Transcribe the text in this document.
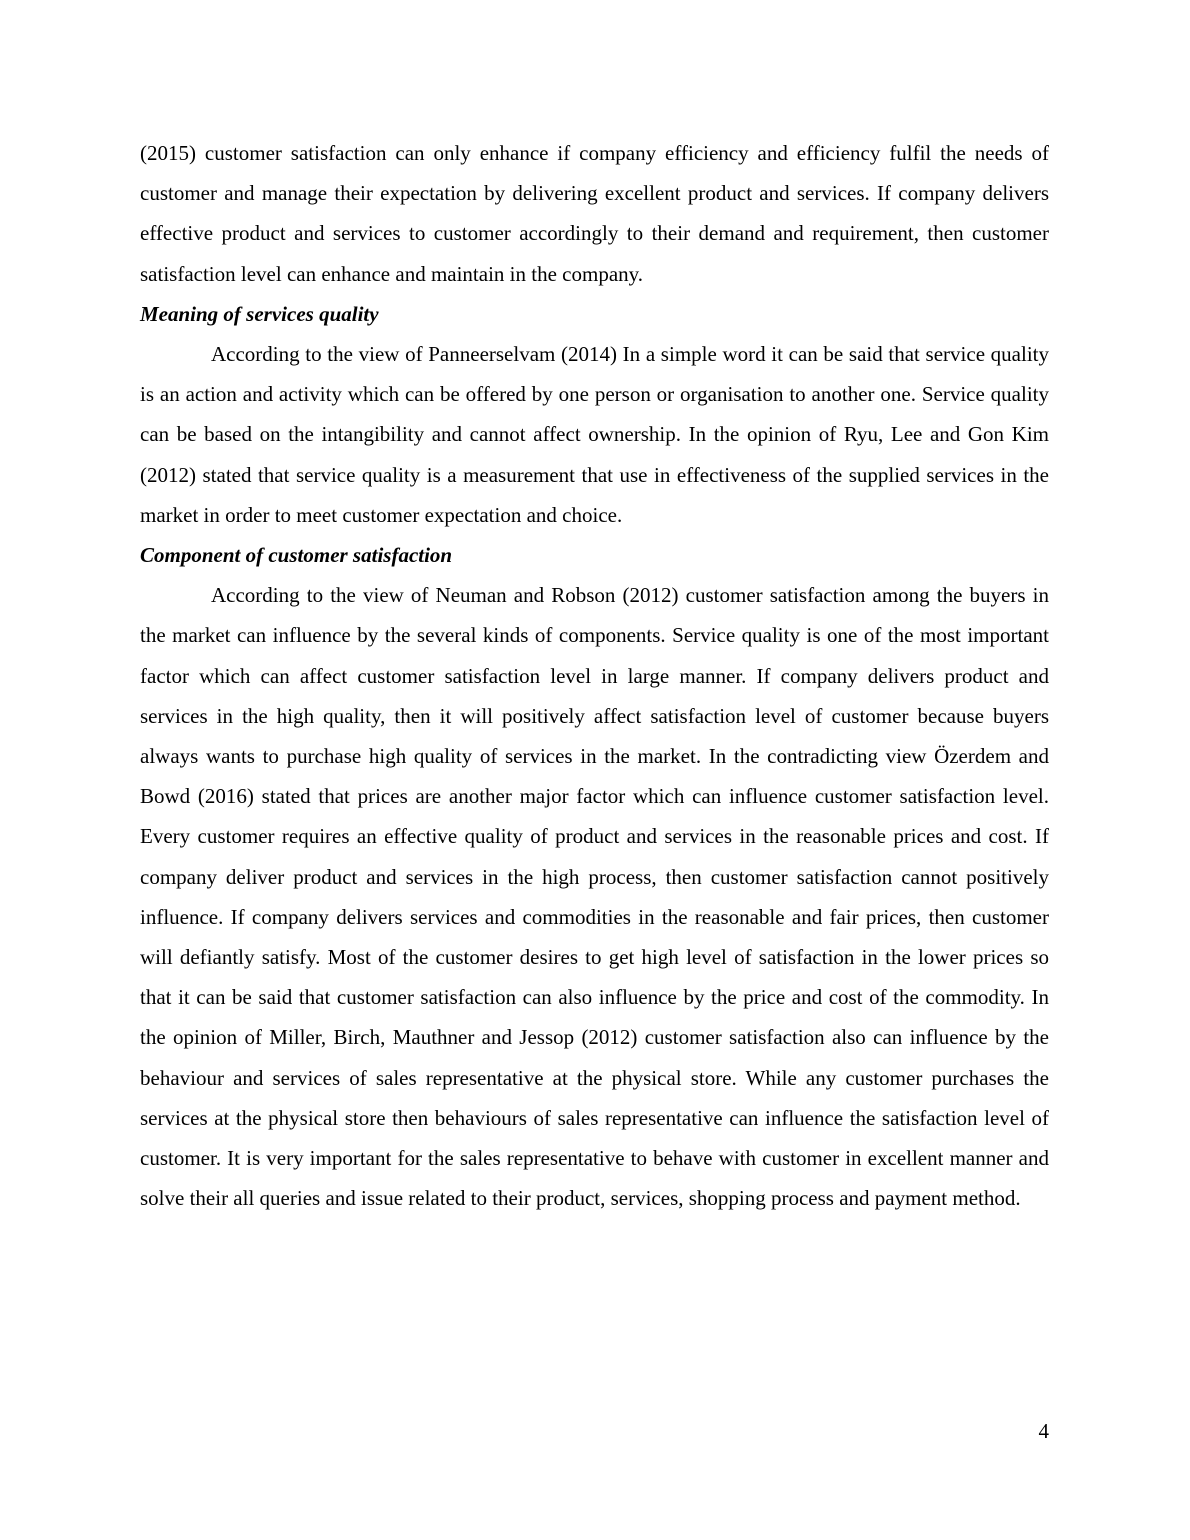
(2015) customer satisfaction can only enhance if company efficiency and efficiency fulfil the needs of customer and manage their expectation by delivering excellent product and services. If company delivers effective product and services to customer accordingly to their demand and requirement, then customer satisfaction level can enhance and maintain in the company.

Meaning of services quality

According to the view of Panneerselvam (2014) In a simple word it can be said that service quality is an action and activity which can be offered by one person or organisation to another one. Service quality can be based on the intangibility and cannot affect ownership. In the opinion of Ryu, Lee and Gon Kim (2012) stated that service quality is a measurement that use in effectiveness of the supplied services in the market in order to meet customer expectation and choice.

Component of customer satisfaction

According to the view of Neuman and Robson (2012) customer satisfaction among the buyers in the market can influence by the several kinds of components. Service quality is one of the most important factor which can affect customer satisfaction level in large manner. If company delivers product and services in the high quality, then it will positively affect satisfaction level of customer because buyers always wants to purchase high quality of services in the market. In the contradicting view Özerdem and Bowd (2016) stated that prices are another major factor which can influence customer satisfaction level. Every customer requires an effective quality of product and services in the reasonable prices and cost. If company deliver product and services in the high process, then customer satisfaction cannot positively influence. If company delivers services and commodities in the reasonable and fair prices, then customer will defiantly satisfy. Most of the customer desires to get high level of satisfaction in the lower prices so that it can be said that customer satisfaction can also influence by the price and cost of the commodity. In the opinion of Miller, Birch, Mauthner and Jessop (2012) customer satisfaction also can influence by the behaviour and services of sales representative at the physical store. While any customer purchases the services at the physical store then behaviours of sales representative can influence the satisfaction level of customer. It is very important for the sales representative to behave with customer in excellent manner and solve their all queries and issue related to their product, services, shopping process and payment method.

4
